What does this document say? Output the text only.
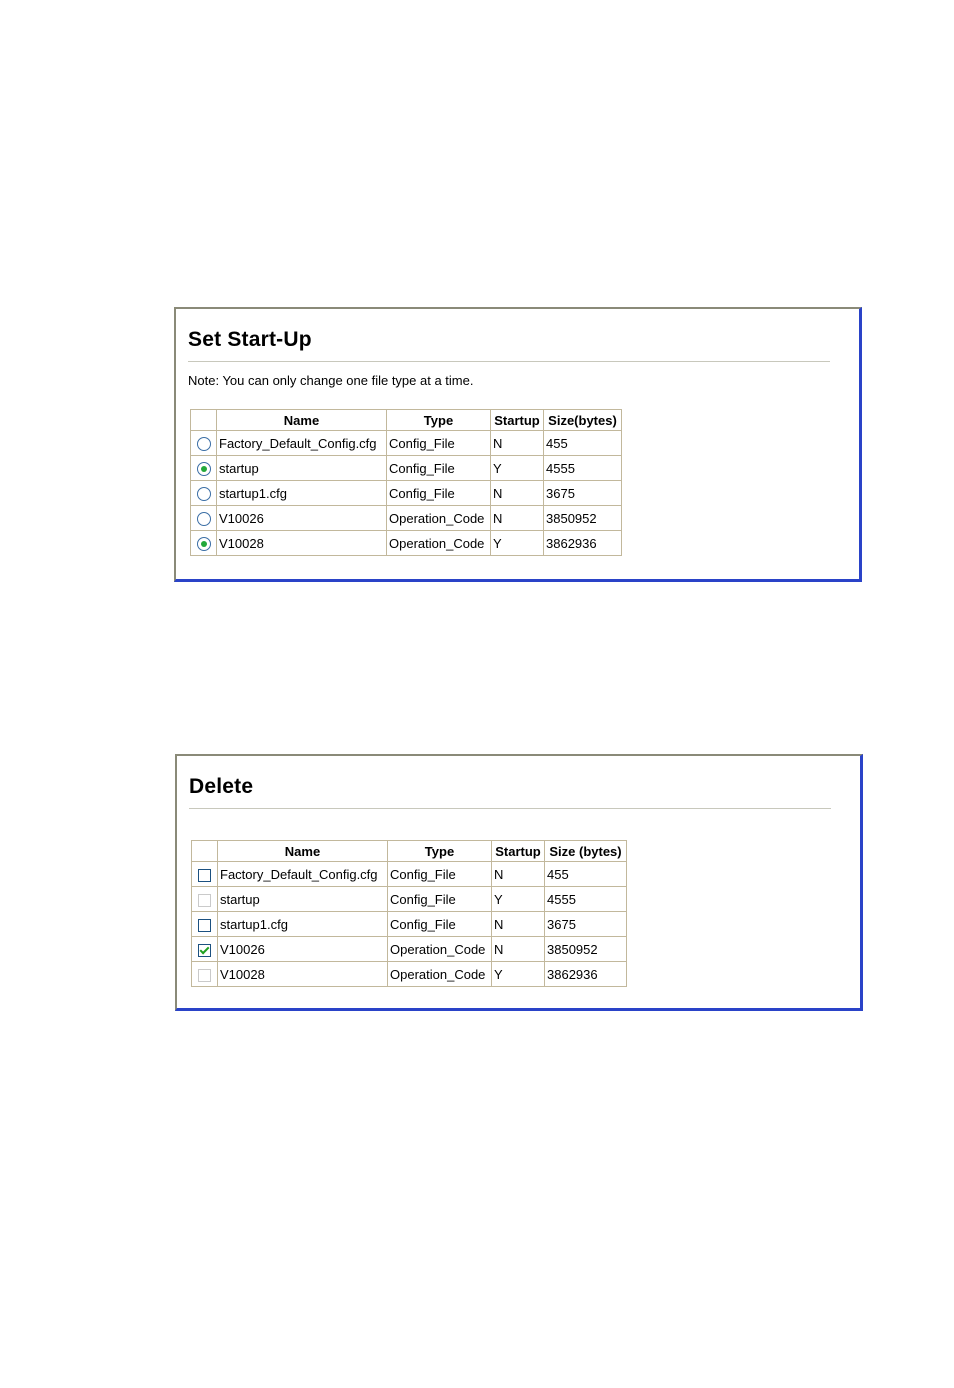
Set Start-Up
Note: You can only change one file type at a time.
	Name	Type	Startup	Size(bytes)
	Factory_Default_Config.cfg	Config_File	N	455
	startup	Config_File	Y	4555
	startup1.cfg	Config_File	N	3675
	V10026	Operation_Code	N	3850952
	V10028	Operation_Code	Y	3862936
Delete
	Name	Type	Startup	Size (bytes)
	Factory_Default_Config.cfg	Config_File	N	455
	startup	Config_File	Y	4555
	startup1.cfg	Config_File	N	3675
	V10026	Operation_Code	N	3850952
	V10028	Operation_Code	Y	3862936
